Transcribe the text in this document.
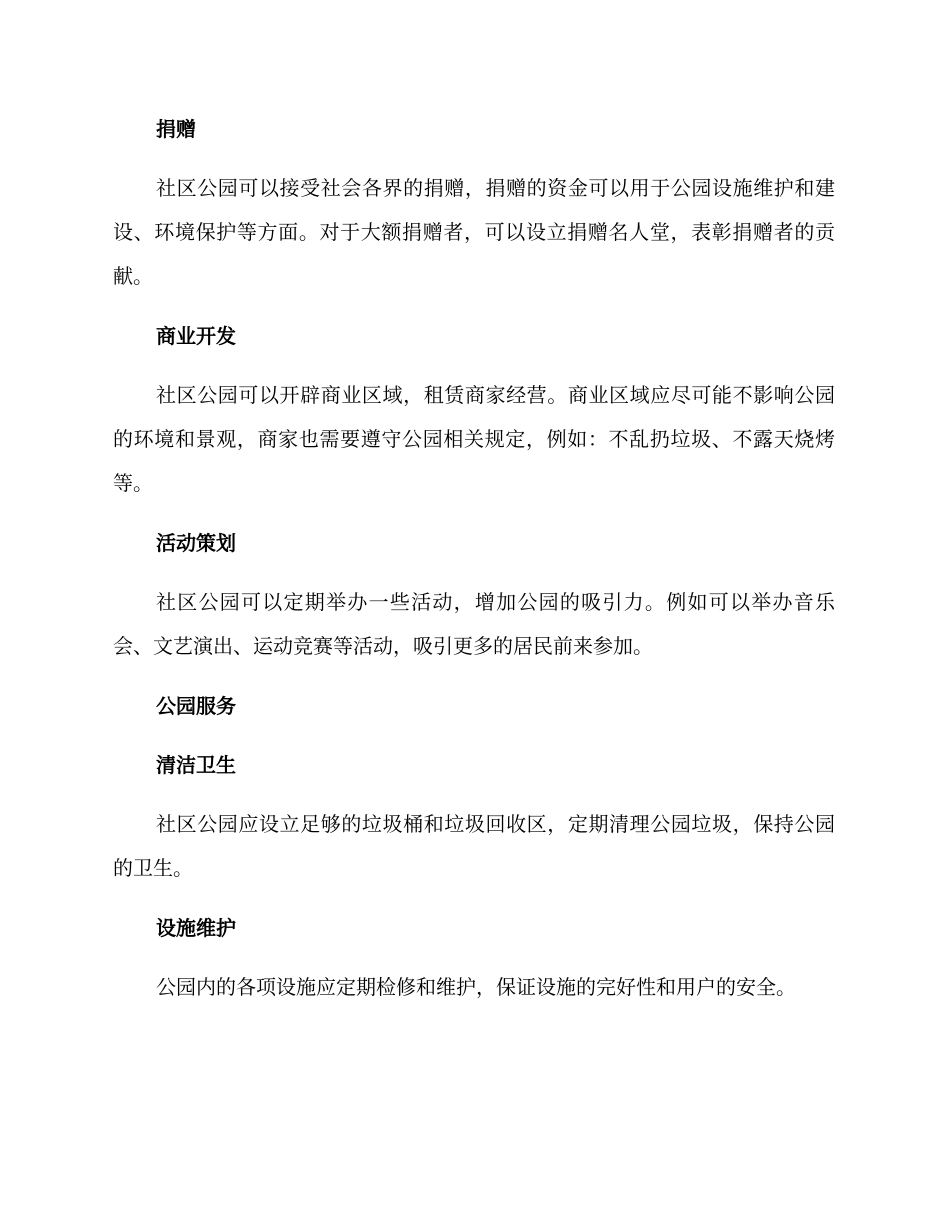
捐赠
社区公园可以接受社会各界的捐赠，捐赠的资金可以用于公园设施维护和建设、环境保护等方面。对于大额捐赠者，可以设立捐赠名人堂，表彰捐赠者的贡献。
商业开发
社区公园可以开辟商业区域，租赁商家经营。商业区域应尽可能不影响公园的环境和景观，商家也需要遵守公园相关规定，例如：不乱扔垃圾、不露天烧烤等。
活动策划
社区公园可以定期举办一些活动，增加公园的吸引力。例如可以举办音乐会、文艺演出、运动竞赛等活动，吸引更多的居民前来参加。
公园服务
清洁卫生
社区公园应设立足够的垃圾桶和垃圾回收区，定期清理公园垃圾，保持公园的卫生。
设施维护
公园内的各项设施应定期检修和维护，保证设施的完好性和用户的安全。
